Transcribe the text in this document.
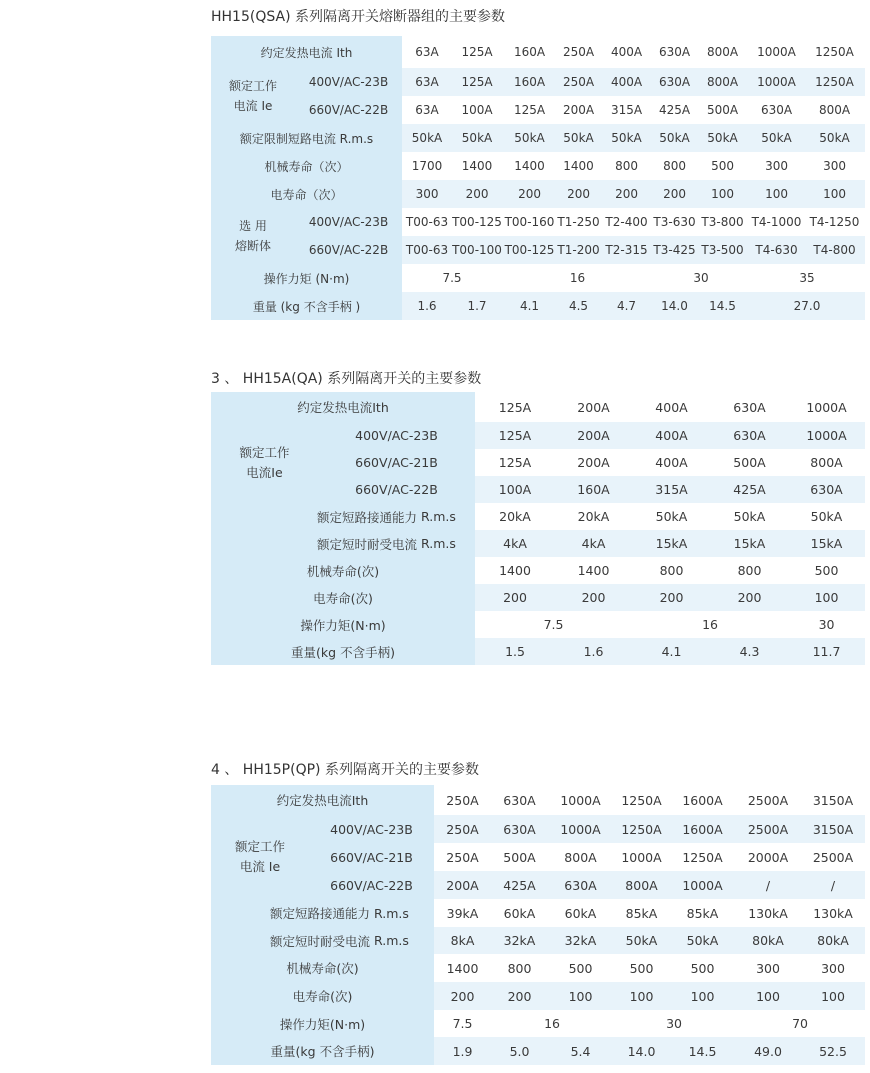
HH15(QSA) 系列隔离开关熔断器组的主要参数
约定发热电流 Ith		63A	125A	160A	250A	400A	630A	800A	1000A	1250A

额定工作
电流 Ie	400V/AC-23B	63A	125A	160A	250A	400A	630A	800A	1000A	1250A
	660V/AC-22B	63A	100A	125A	200A	315A	425A	500A	630A	800A
额定限制短路电流 R.m.s		50kA	50kA	50kA	50kA	50kA	50kA	50kA	50kA	50kA
机械寿命（次）		1700	1400	1400	1400	800	800	500	300	300
电寿命（次）		300	200	200	200	200	200	100	100	100

选 用
熔断体	400V/AC-23B	T00-63	T00-125	T00-160	T1-250	T2-400	T3-630	T3-800	T4-1000	T4-1250
	660V/AC-22B	T00-63	T00-100	T00-125	T1-200	T2-315	T3-425	T3-500	T4-630	T4-800
操作力矩 (N·m)		7.5		16			30		35	
重量 (kg 不含手柄 )		1.6	1.7	4.1	4.5	4.7	14.0	14.5	27.0	
3 、 HH15A(QA) 系列隔离开关的主要参数
约定发热电流Ith			125A	200A	400A	630A	1000A

额定工作
电流Ie	400V/AC-23B		125A	200A	400A	630A	1000A
	660V/AC-21B		125A	200A	400A	500A	800A
	660V/AC-22B		100A	160A	315A	425A	630A
额定短路接通能力		R.m.s	20kA	20kA	50kA	50kA	50kA
额定短时耐受电流		R.m.s	4kA	4kA	15kA	15kA	15kA
机械寿命(次)			1400	1400	800	800	500
电寿命(次)			200	200	200	200	100
操作力矩(N·m)			7.5		16		30
重量(kg 不含手柄)			1.5	1.6	4.1	4.3	11.7
4 、 HH15P(QP) 系列隔离开关的主要参数
约定发热电流Ith			250A	630A	1000A	1250A	1600A	2500A	3150A

额定工作
电流 Ie	400V/AC-23B		250A	630A	1000A	1250A	1600A	2500A	3150A
	660V/AC-21B		250A	500A	800A	1000A	1250A	2000A	2500A
	660V/AC-22B		200A	425A	630A	800A	1000A	/	/
额定短路接通能力		R.m.s	39kA	60kA	60kA	85kA	85kA	130kA	130kA
额定短时耐受电流		R.m.s	8kA	32kA	32kA	50kA	50kA	80kA	80kA
机械寿命(次)			1400	800	500	500	500	300	300
电寿命(次)			200	200	100	100	100	100	100
操作力矩(N·m)			7.5	16		30		70	
重量(kg 不含手柄)			1.9	5.0	5.4	14.0	14.5	49.0	52.5
